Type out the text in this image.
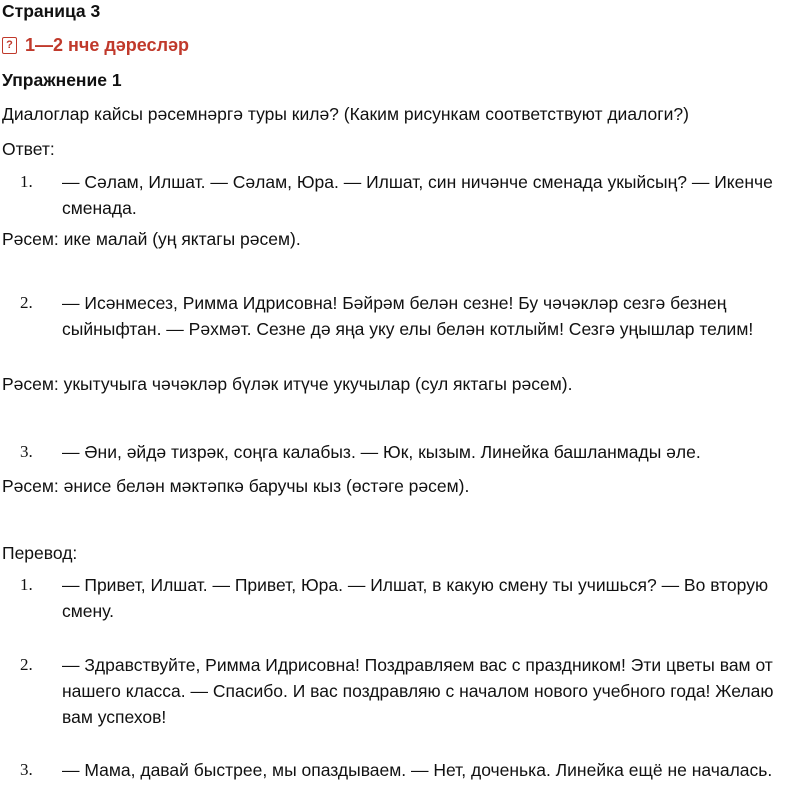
Страница 3
? 1—2 нче дәресләр
Упражнение 1
Диалоглар кайсы рәсемнәргә туры килә? (Каким рисункам соответствуют диалоги?)
Ответ:
1.	— Сәлам, Илшат. — Сәлам, Юра. — Илшат, син ничәнче сменада укыйсың? — Икенче сменада.
Рәсем: ике малай (уң яктагы рәсем).
2.	— Исәнмесез, Римма Идрисовна! Бәйрәм белән сезне! Бу чәчәкләр сезгә безнең сыйныфтан. — Рәхмәт. Сезне дә яңа уку елы белән котлыйм! Сезгә уңышлар телим!
Рәсем: укытучыга чәчәкләр бүләк итүче укучылар (сул яктагы рәсем).
3.	— Әни, әйдә тизрәк, соңга калабыз. — Юк, кызым. Линейка башланмады әле.
Рәсем: әнисе белән мәктәпкә баручы кыз (өстәге рәсем).
Перевод:
1.	— Привет, Илшат. — Привет, Юра. — Илшат, в какую смену ты учишься? — Во вторую смену.
2.	— Здравствуйте, Римма Идрисовна! Поздравляем вас с праздником! Эти цветы вам от нашего класса. — Спасибо. И вас поздравляю с началом нового учебного года! Желаю вам успехов!
3.	— Мама, давай быстрее, мы опаздываем. — Нет, доченька. Линейка ещё не началась.
